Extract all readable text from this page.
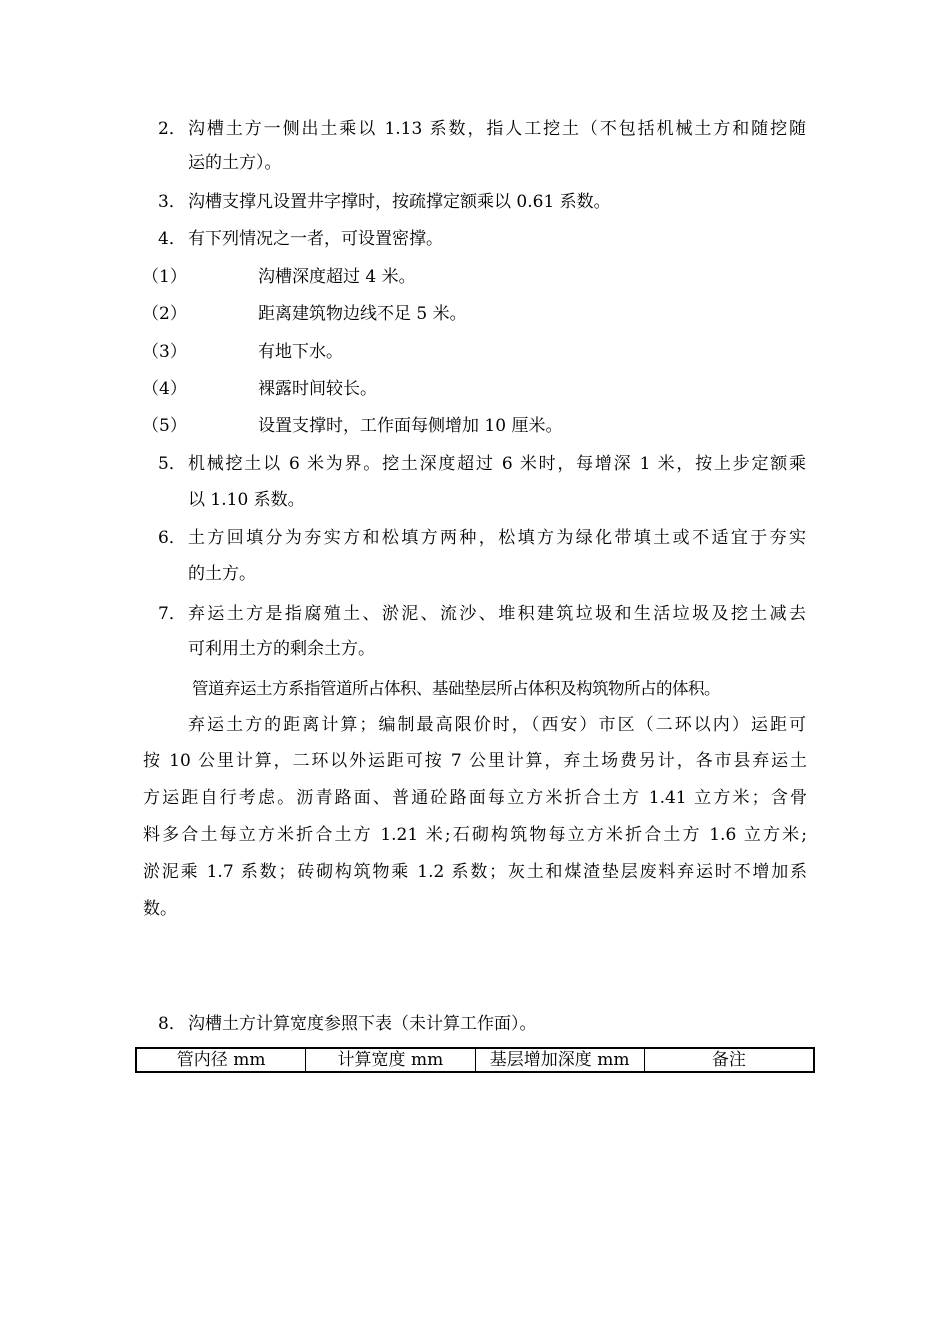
2． 沟槽土方一侧出土乘以 1.13 系数，指人工挖土（不包括机械土方和随挖随
运的土方）。
3． 沟槽支撑凡设置井字撑时，按疏撑定额乘以 0.61 系数。
4． 有下列情况之一者，可设置密撑。
（1）	沟槽深度超过 4 米。
（2）	距离建筑物边线不足 5 米。
（3）	有地下水。
（4）	裸露时间较长。
（5）	设置支撑时，工作面每侧增加 10 厘米。
5． 机械挖土以 6 米为界。挖土深度超过 6 米时，每增深 1 米，按上步定额乘
以 1.10 系数。
6． 土方回填分为夯实方和松填方两种，松填方为绿化带填土或不适宜于夯实
的土方。
7． 弃运土方是指腐殖土、淤泥、流沙、堆积建筑垃圾和生活垃圾及挖土减去
可利用土方的剩余土方。
管道弃运土方系指管道所占体积、基础垫层所占体积及构筑物所占的体积。
弃运土方的距离计算；编制最高限价时，（西安）市区（二环以内）运距可
按 10 公里计算，二环以外运距可按 7 公里计算，弃土场费另计，各市县弃运土
方运距自行考虑。沥青路面、普通砼路面每立方米折合土方 1.41 立方米；含骨
料多合土每立方米折合土方 1.21 米;石砌构筑物每立方米折合土方 1.6 立方米;
淤泥乘 1.7 系数；砖砌构筑物乘 1.2 系数；灰土和煤渣垫层废料弃运时不增加系
数。
8． 沟槽土方计算宽度参照下表（未计算工作面）。
管内径 mm	计算宽度 mm	基层增加深度 mm	备注
